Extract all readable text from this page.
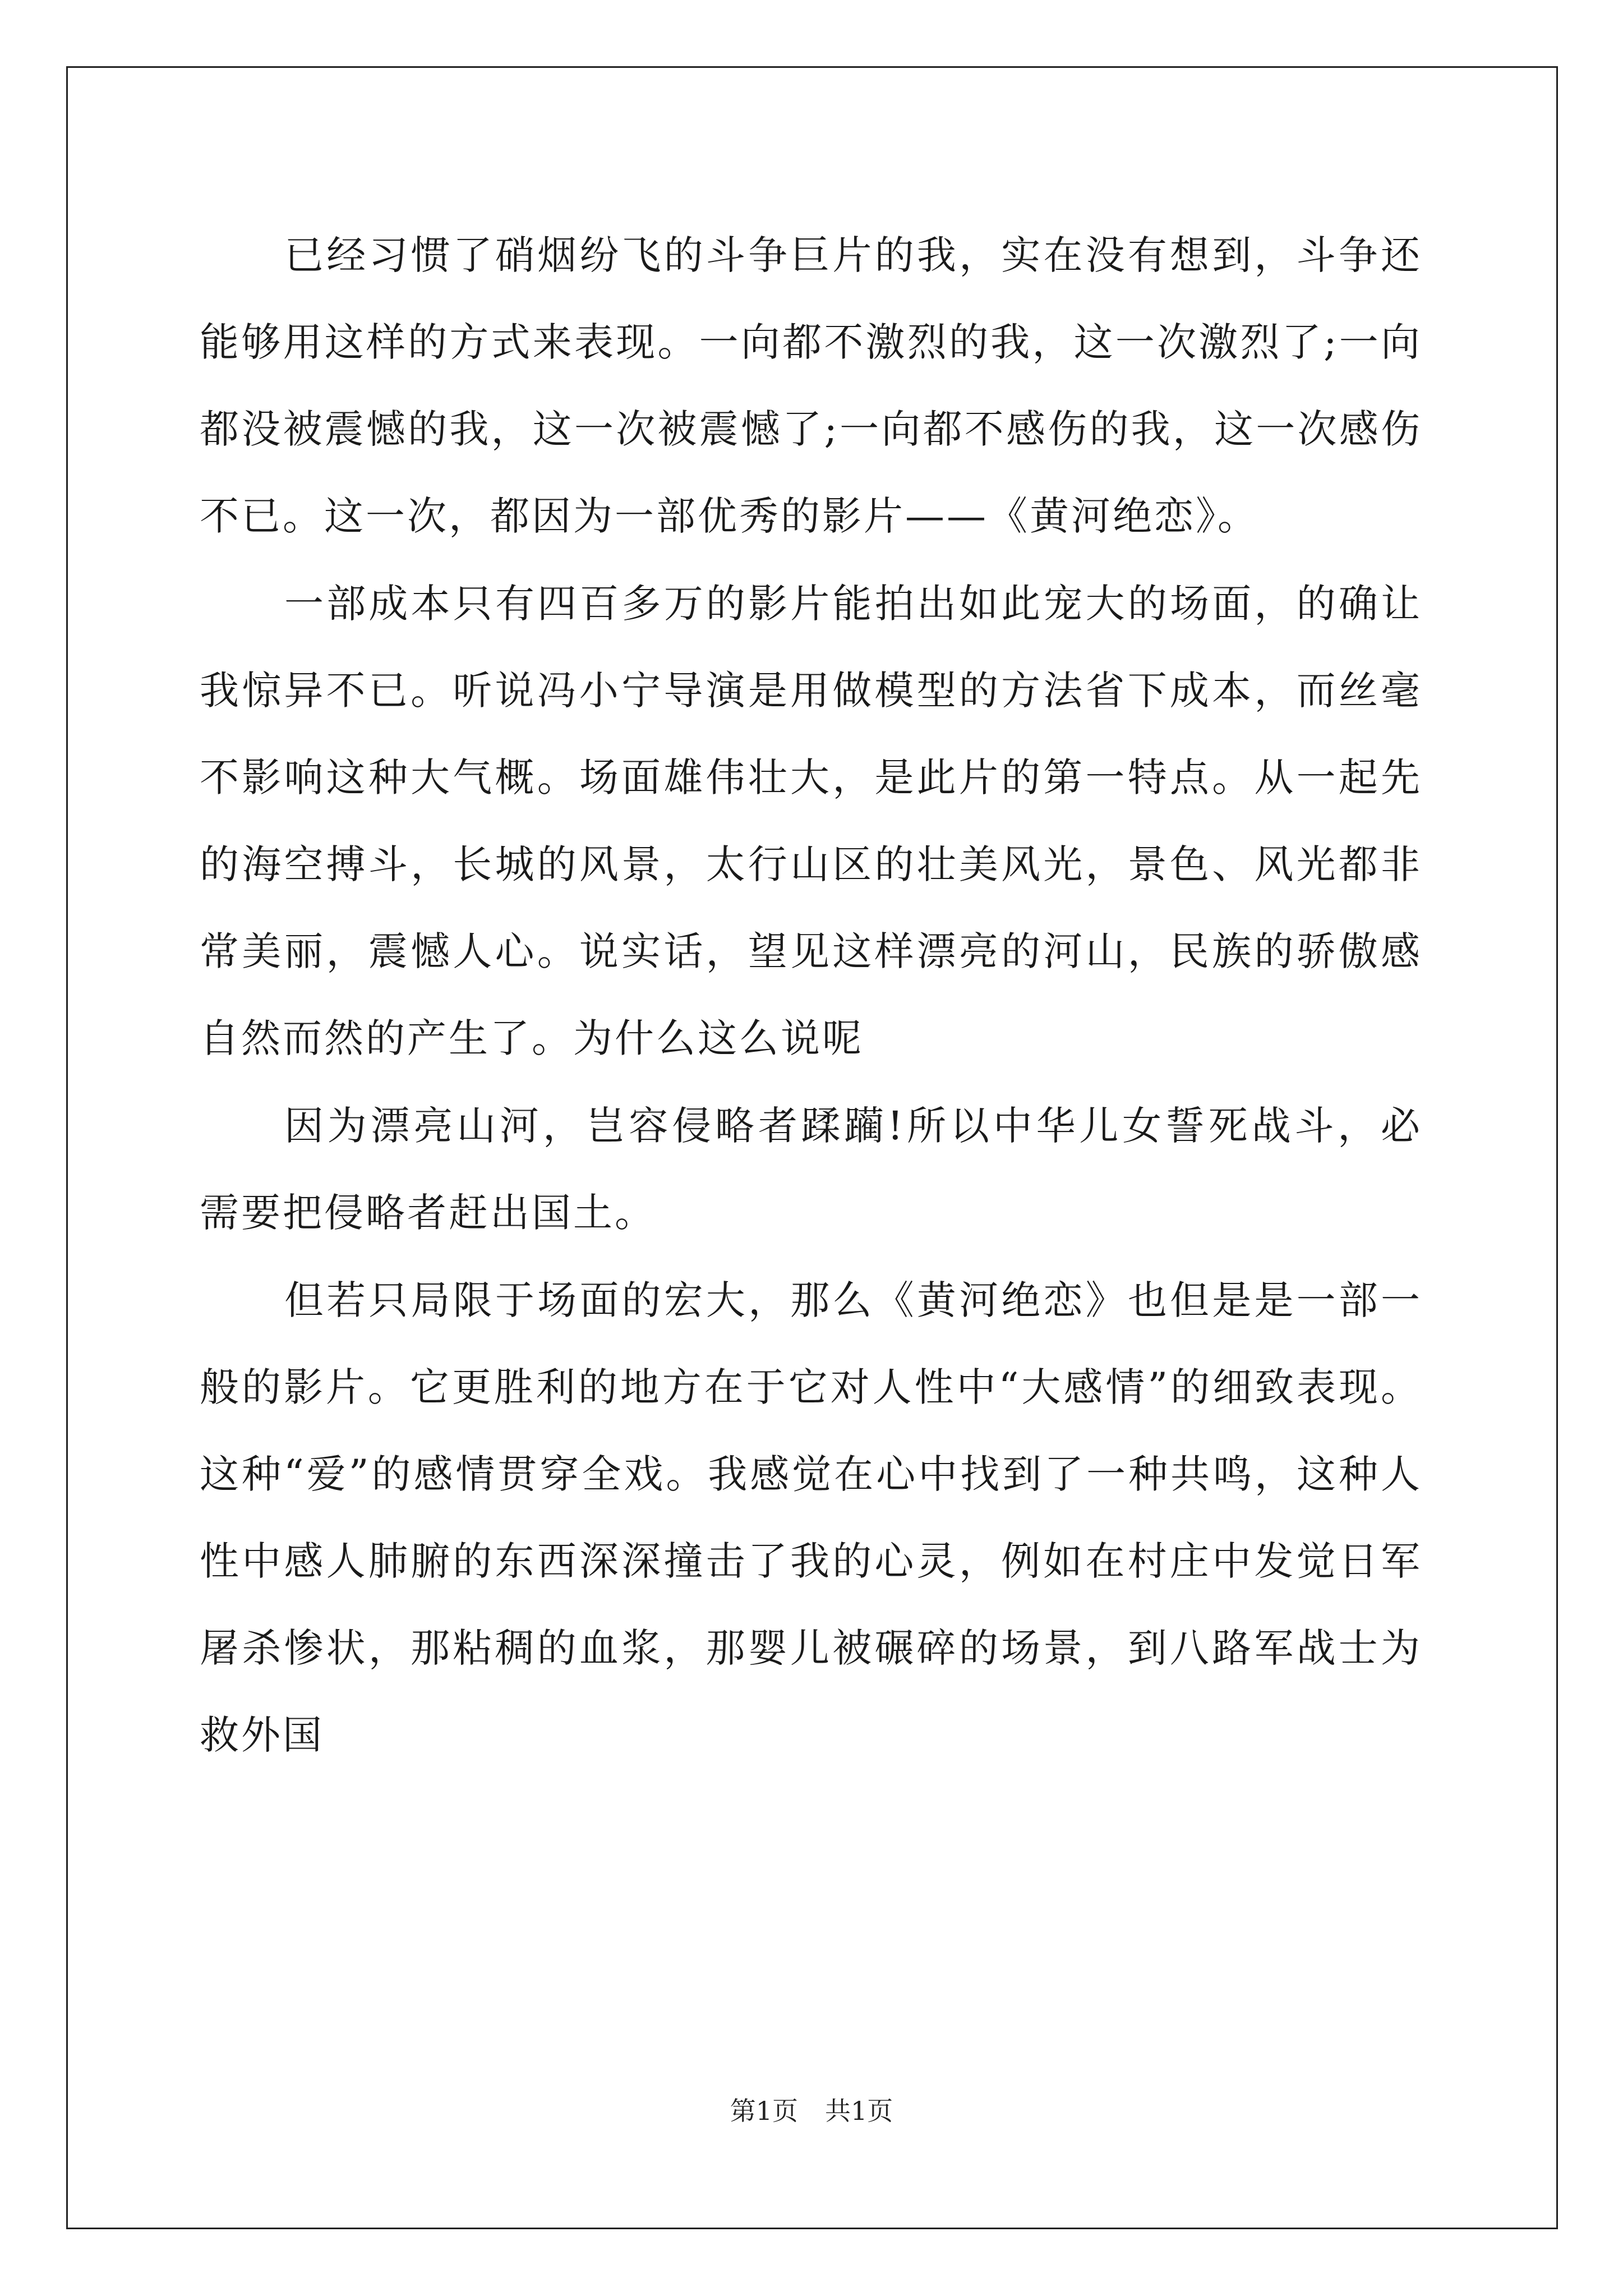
已经习惯了硝烟纷飞的斗争巨片的我，实在没有想到，斗争还能够用这样的方式来表现。一向都不激烈的我，这一次激烈了;一向都没被震憾的我，这一次被震憾了;一向都不感伤的我，这一次感伤不已。这一次，都因为一部优秀的影片——《黄河绝恋》。

一部成本只有四百多万的影片能拍出如此宠大的场面，的确让我惊异不已。听说冯小宁导演是用做模型的方法省下成本，而丝毫不影响这种大气概。场面雄伟壮大，是此片的第一特点。从一起先的海空搏斗，长城的风景，太行山区的壮美风光，景色、风光都非常美丽，震憾人心。说实话，望见这样漂亮的河山，民族的骄傲感自然而然的产生了。为什么这么说呢

因为漂亮山河，岂容侵略者蹂躏!所以中华儿女誓死战斗，必需要把侵略者赶出国土。

但若只局限于场面的宏大，那么《黄河绝恋》也但是是一部一般的影片。它更胜利的地方在于它对人性中“大感情”的细致表现。这种“爱”的感情贯穿全戏。我感觉在心中找到了一种共鸣，这种人性中感人肺腑的东西深深撞击了我的心灵，例如在村庄中发觉日军屠杀惨状，那粘稠的血浆，那婴儿被碾碎的场景，到八路军战士为救外国

第1页 共1页
